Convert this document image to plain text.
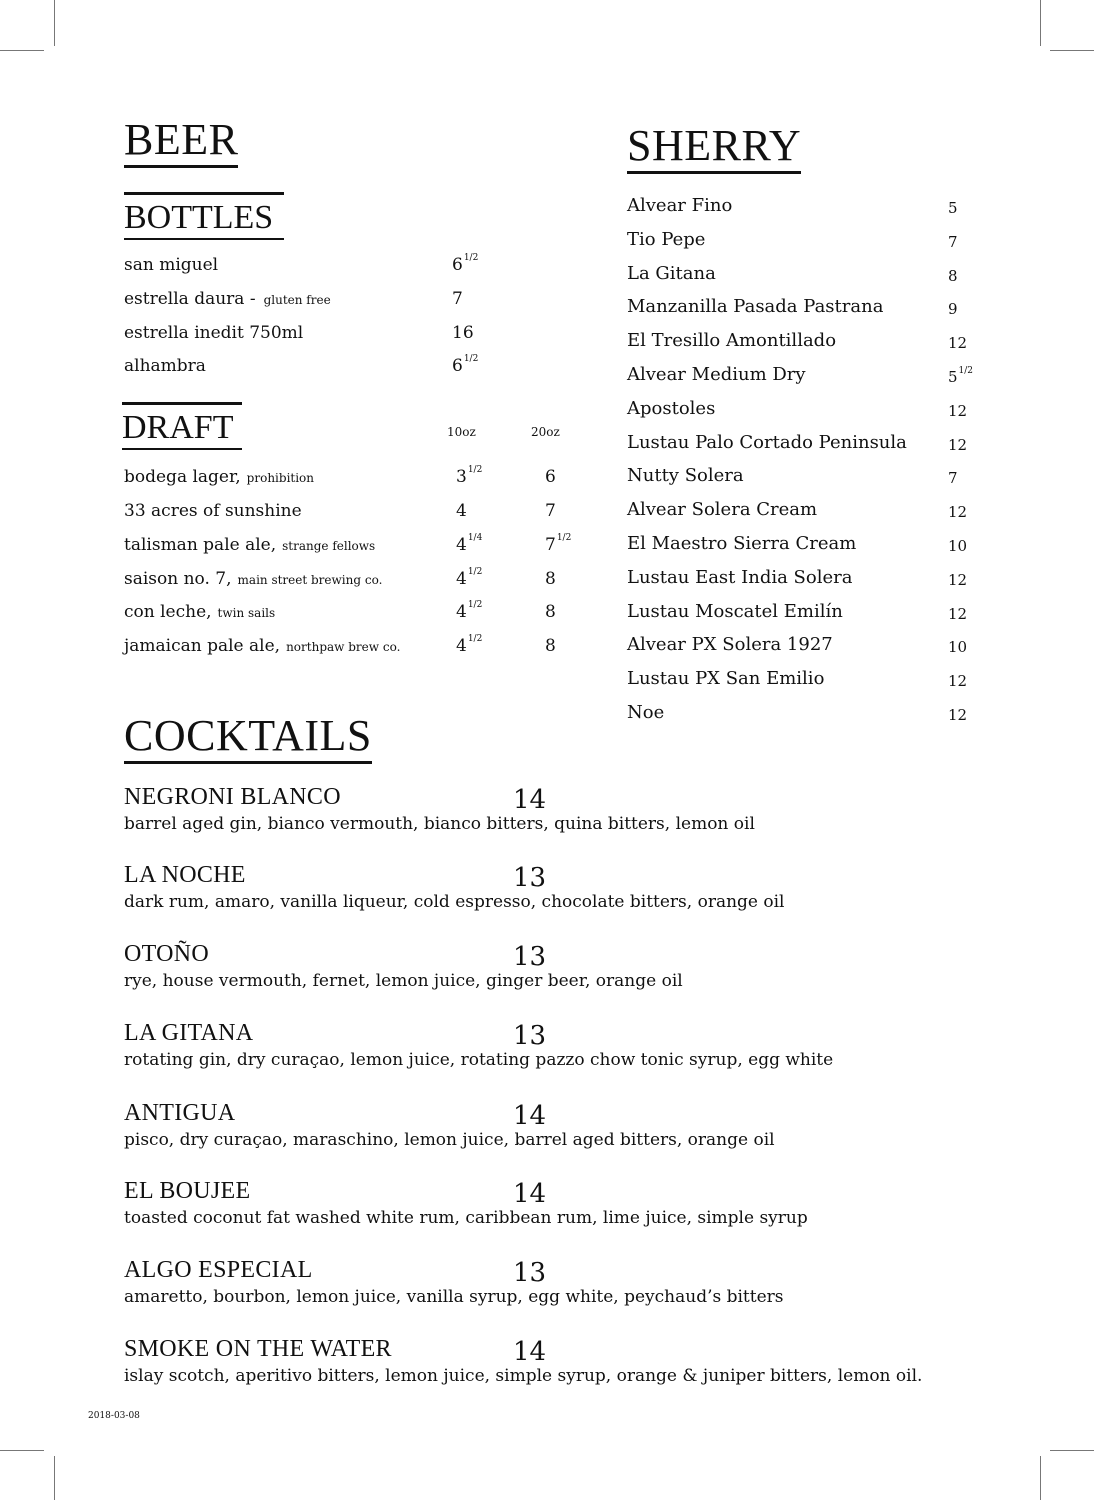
BEER
BOTTLES
san miguel	$6^{1/2}$
estrella daura - gluten free	7
estrella inedit 750ml	16
alhambra	$6^{1/2}$
DRAFT	10oz	20oz
bodega lager, prohibition	$3^{1/2}$	6
33 acres of sunshine	4	7
talisman pale ale, strange fellows	$4^{1/4}$	$7^{1/2}$
saison no. 7, main street brewing co.	$4^{1/2}$	8
con leche, twin sails	$4^{1/2}$	8
jamaican pale ale, northpaw brew co.	$4^{1/2}$	8
SHERRY
Alvear Fino	5
Tio Pepe	7
La Gitana	8
Manzanilla Pasada Pastrana	9
El Tresillo Amontillado	12
Alvear Medium Dry	$5^{1/2}$
Apostoles	12
Lustau Palo Cortado Peninsula	12
Nutty Solera	7
Alvear Solera Cream	12
El Maestro Sierra Cream	10
Lustau East India Solera	12
Lustau Moscatel Emilín	12
Alvear PX Solera 1927	10
Lustau PX San Emilio	12
Noe	12
COCKTAILS
NEGRONI BLANCO	14
barrel aged gin, bianco vermouth, bianco bitters, quina bitters, lemon oil
LA NOCHE	13
dark rum, amaro, vanilla liqueur, cold espresso, chocolate bitters, orange oil
OTOÑO	13
rye, house vermouth, fernet, lemon juice, ginger beer, orange oil
LA GITANA	13
rotating gin, dry curaçao, lemon juice, rotating pazzo chow tonic syrup, egg white
ANTIGUA	14
pisco, dry curaçao, maraschino, lemon juice, barrel aged bitters, orange oil
EL BOUJEE	14
toasted coconut fat washed white rum, caribbean rum, lime juice, simple syrup
ALGO ESPECIAL	13
amaretto, bourbon, lemon juice, vanilla syrup, egg white, peychaud’s bitters
SMOKE ON THE WATER	14
islay scotch, aperitivo bitters, lemon juice, simple syrup, orange & juniper bitters, lemon oil.
2018-03-08
